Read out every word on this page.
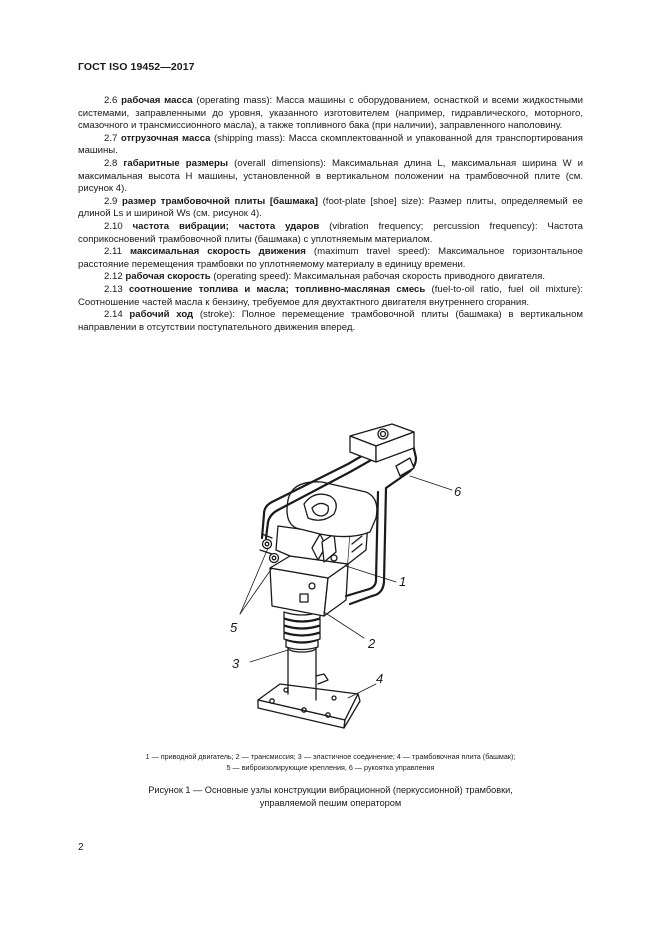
ГОСТ ISO 19452—2017

2.6 рабочая масса (operating mass): Масса машины с оборудованием, оснасткой и всеми жидкостными системами, заправленными до уровня, указанного изготовителем (например, гидравлического, моторного, смазочного и трансмиссионного масла), а также топливного бака (при наличии), заправленного наполовину.

2.7 отгрузочная масса (shipping mass): Масса скомплектованной и упакованной для транспортирования машины.

2.8 габаритные размеры (overall dimensions): Максимальная длина L, максимальная ширина W и максимальная высота H машины, установленной в вертикальном положении на трамбовочной плите (см. рисунок 4).

2.9 размер трамбовочной плиты [башмака] (foot-plate [shoe] size): Размер плиты, определяемый ее длиной Ls и шириной Ws (см. рисунок 4).

2.10 частота вибрации; частота ударов (vibration frequency; percussion frequency): Частота соприкосновений трамбовочной плиты (башмака) с уплотняемым материалом.

2.11 максимальная скорость движения (maximum travel speed): Максимальное горизонтальное расстояние перемещения трамбовки по уплотняемому материалу в единицу времени.

2.12 рабочая скорость (operating speed): Максимальная рабочая скорость приводного двигателя.

2.13 соотношение топлива и масла; топливно-масляная смесь (fuel-to-oil ratio, fuel oil mixture): Соотношение частей масла к бензину, требуемое для двухтактного двигателя внутреннего сгорания.

2.14 рабочий ход (stroke): Полное перемещение трамбовочной плиты (башмака) в вертикальном направлении в отсутствии поступательного движения вперед.

6
1
2
3
4
5
1 — приводной двигатель; 2 — трансмиссия; 3 — эластичное соединение; 4 — трамбовочная плита (башмак);
5 — виброизолирующие крепления, 6 — рукоятка управления
Рисунок 1 — Основные узлы конструкции вибрационной (перкуссионной) трамбовки,
управляемой пешим оператором
2
